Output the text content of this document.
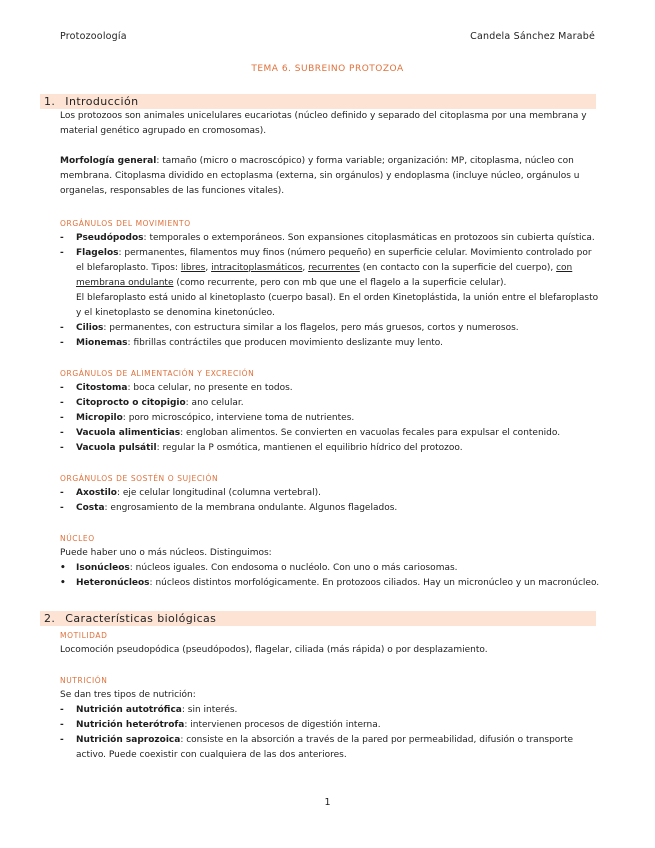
Protozoología	Candela Sánchez Marabé
TEMA 6. SUBREINO PROTOZOA
1. Introducción
Los protozoos son animales unicelulares eucariotas (núcleo definido y separado del citoplasma por una membrana y material genético agrupado en cromosomas).
Morfología general: tamaño (micro o macroscópico) y forma variable; organización: MP, citoplasma, núcleo con membrana. Citoplasma dividido en ectoplasma (externa, sin orgánulos) y endoplasma (incluye núcleo, orgánulos u organelas, responsables de las funciones vitales).
ORGÁNULOS DEL MOVIMIENTO
- Pseudópodos: temporales o extemporáneos. Son expansiones citoplasmáticas en protozoos sin cubierta quística.
- Flagelos: permanentes, filamentos muy finos (número pequeño) en superficie celular. Movimiento controlado por el blefaroplasto. Tipos: libres, intracitoplasmáticos, recurrentes (en contacto con la superficie del cuerpo), con membrana ondulante (como recurrente, pero con mb que une el flagelo a la superficie celular).
El blefaroplasto está unido al kinetoplasto (cuerpo basal). En el orden Kinetoplástida, la unión entre el blefaroplasto y el kinetoplasto se denomina kinetonúcleo.
- Cilios: permanentes, con estructura similar a los flagelos, pero más gruesos, cortos y numerosos.
- Mionemas: fibrillas contráctiles que producen movimiento deslizante muy lento.
ORGÁNULOS DE ALIMENTACIÓN Y EXCRECIÓN
- Citostoma: boca celular, no presente en todos.
- Citoprocto o citopigio: ano celular.
- Micropilo: poro microscópico, interviene toma de nutrientes.
- Vacuola alimenticias: engloban alimentos. Se convierten en vacuolas fecales para expulsar el contenido.
- Vacuola pulsátil: regular la P osmótica, mantienen el equilibrio hídrico del protozoo.
ORGÁNULOS DE SOSTÉN O SUJECIÓN
- Axostilo: eje celular longitudinal (columna vertebral).
- Costa: engrosamiento de la membrana ondulante. Algunos flagelados.
NÚCLEO
Puede haber uno o más núcleos. Distinguimos:
• Isonúcleos: núcleos iguales. Con endosoma o nucléolo. Con uno o más cariosomas.
• Heteronúcleos: núcleos distintos morfológicamente. En protozoos ciliados. Hay un micronúcleo y un macronúcleo.
2. Características biológicas
MOTILIDAD
Locomoción pseudopódica (pseudópodos), flagelar, ciliada (más rápida) o por desplazamiento.
NUTRICIÓN
Se dan tres tipos de nutrición:
- Nutrición autotrófica: sin interés.
- Nutrición heterótrofa: intervienen procesos de digestión interna.
- Nutrición saprozoica: consiste en la absorción a través de la pared por permeabilidad, difusión o transporte activo. Puede coexistir con cualquiera de las dos anteriores.
1
